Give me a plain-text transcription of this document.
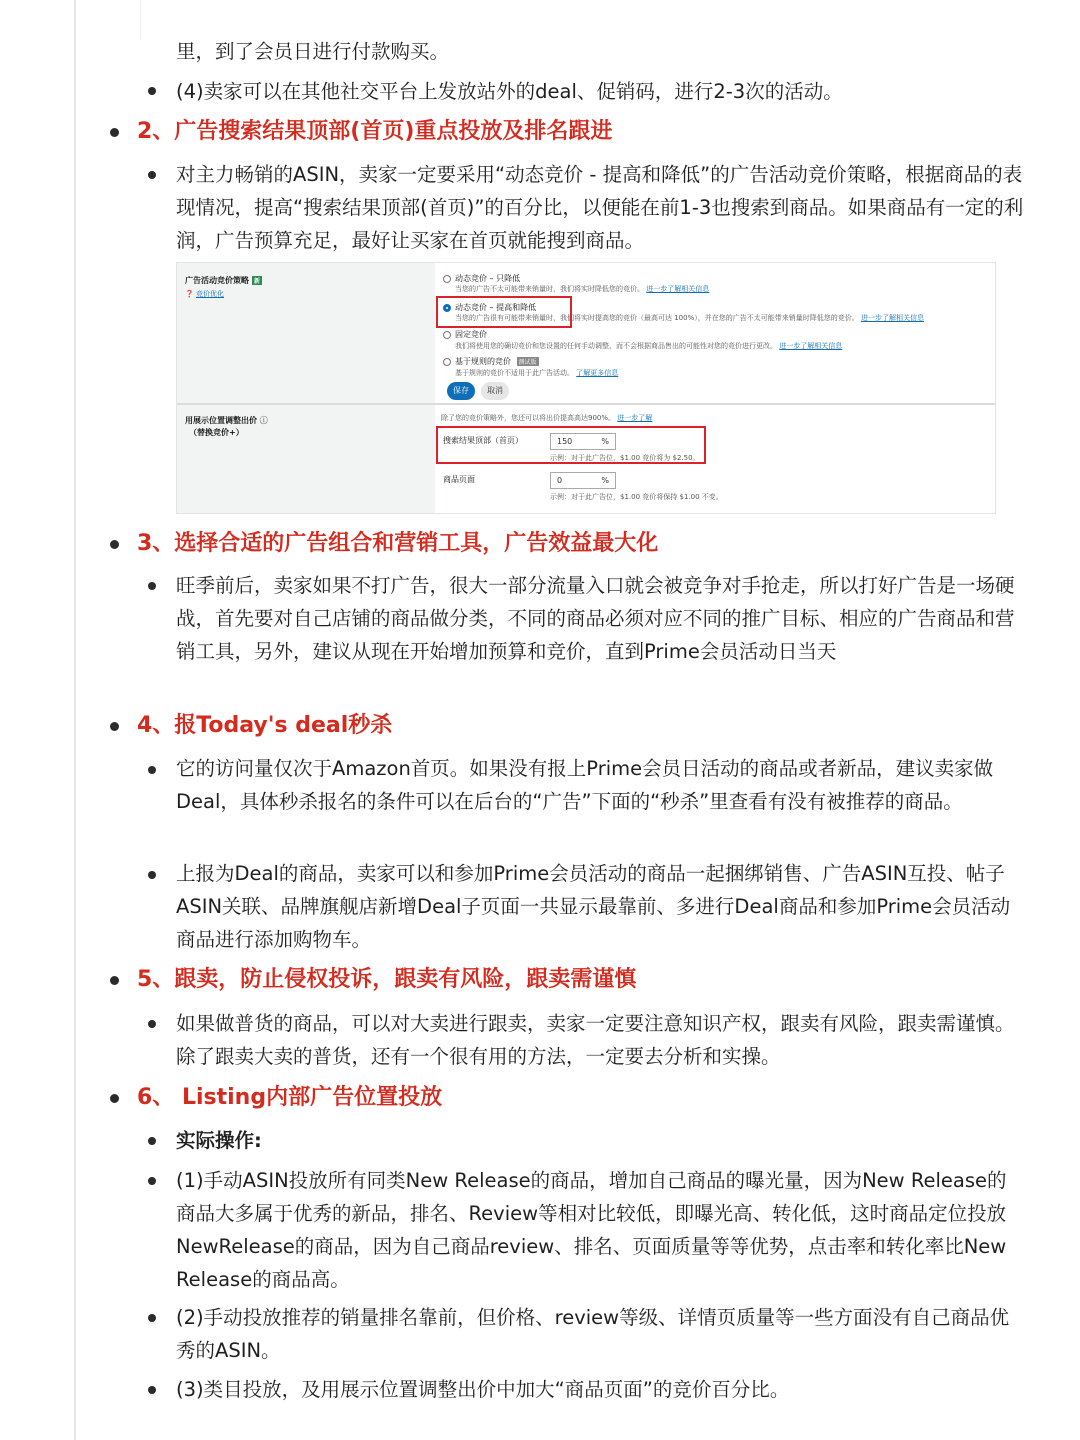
里，到了会员日进行付款购买。

(4)卖家可以在其他社交平台上发放站外的deal、促销码，进行2-3次的活动。

2、广告搜索结果顶部(首页)重点投放及排名跟进

对主力畅销的ASIN，卖家一定要采用“动态竞价 - 提高和降低”的广告活动竞价策略，根据商品的表现情况，提高“搜索结果顶部(首页)”的百分比，以便能在前1-3也搜索到商品。如果商品有一定的利润，广告预算充足，最好让买家在首页就能搜到商品。

广告活动竞价策略 新
❓ 竞价优化
动态竞价 – 只降低
当您的广告不太可能带来销量时，我们将实时降低您的竞价。 进一步了解相关信息
动态竞价 – 提高和降低
当您的广告很有可能带来销量时，我们将实时提高您的竞价（最高可达 100%），并在您的广告不太可能带来销量时降低您的竞价。 进一步了解相关信息
固定竞价
我们将使用您的确切竞价和您设置的任何手动调整，而不会根据商品售出的可能性对您的竞价进行更改。 进一步了解相关信息
基于规则的竞价 测试版
基于规则的竞价不适用于此广告活动。 了解更多信息
保存	取消
用展示位置调整出价 ⓘ
（替换竞价+）
除了您的竞价策略外，您还可以将出价提高高达900%。 进一步了解
搜索结果顶部（首页）	150	%
示例：对于此广告位，$1.00 竞价将为 $2.50。
商品页面	0	%
示例：对于此广告位，$1.00 竞价将保持 $1.00 不变。
3、选择合适的广告组合和营销工具，广告效益最大化

旺季前后，卖家如果不打广告，很大一部分流量入口就会被竞争对手抢走，所以打好广告是一场硬战，首先要对自己店铺的商品做分类，不同的商品必须对应不同的推广目标、相应的广告商品和营销工具，另外，建议从现在开始增加预算和竞价，直到Prime会员活动日当天

4、报Today's deal秒杀

它的访问量仅次于Amazon首页。如果没有报上Prime会员日活动的商品或者新品，建议卖家做Deal，具体秒杀报名的条件可以在后台的“广告”下面的“秒杀”里查看有没有被推荐的商品。

上报为Deal的商品，卖家可以和参加Prime会员活动的商品一起捆绑销售、广告ASIN互投、帖子ASIN关联、品牌旗舰店新增Deal子页面一共显示最靠前、多进行Deal商品和参加Prime会员活动商品进行添加购物车。

5、跟卖，防止侵权投诉，跟卖有风险，跟卖需谨慎

如果做普货的商品，可以对大卖进行跟卖，卖家一定要注意知识产权，跟卖有风险，跟卖需谨慎。除了跟卖大卖的普货，还有一个很有用的方法，一定要去分析和实操。

6、 Listing内部广告位置投放

实际操作:

(1)手动ASIN投放所有同类New Release的商品，增加自己商品的曝光量，因为New Release的商品大多属于优秀的新品，排名、Review等相对比较低，即曝光高、转化低，这时商品定位投放NewRelease的商品，因为自己商品review、排名、页面质量等等优势，点击率和转化率比New Release的商品高。

(2)手动投放推荐的销量排名靠前，但价格、review等级、详情页质量等一些方面没有自己商品优秀的ASIN。

(3)类目投放，及用展示位置调整出价中加大“商品页面”的竞价百分比。
